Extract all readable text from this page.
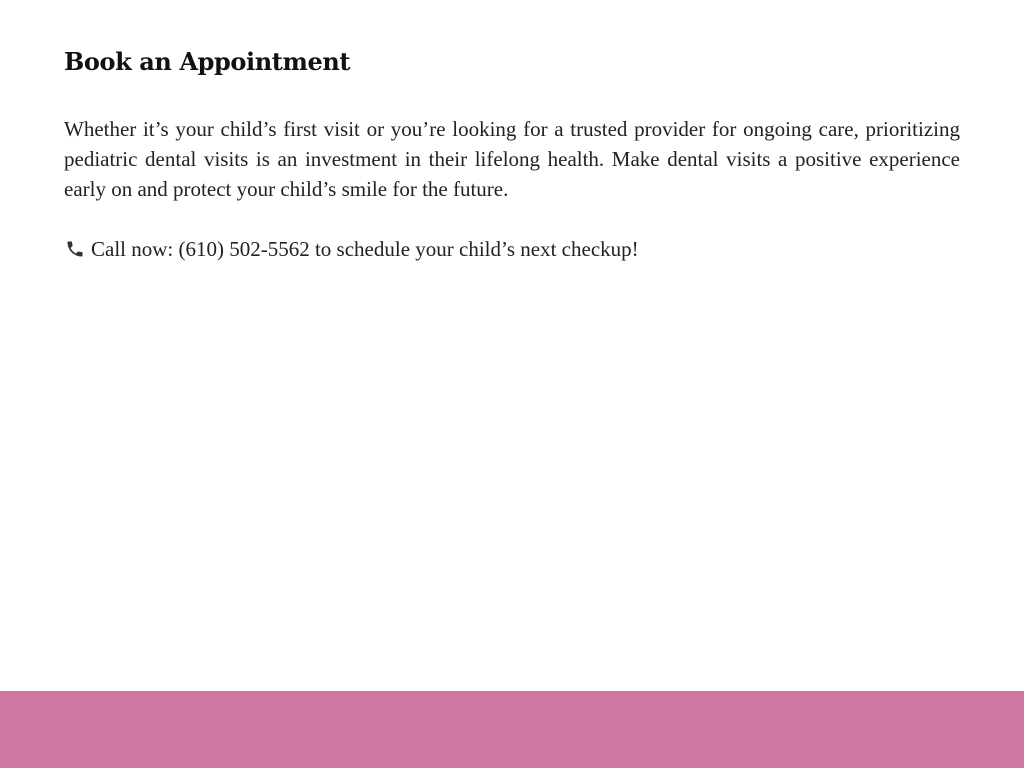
Book an Appointment

Whether it’s your child’s first visit or you’re looking for a trusted provider for ongoing care, prioritizing pediatric dental visits is an investment in their lifelong health. Make dental visits a positive experience early on and protect your child’s smile for the future.

Call now: (610) 502-5562 to schedule your child’s next checkup!
